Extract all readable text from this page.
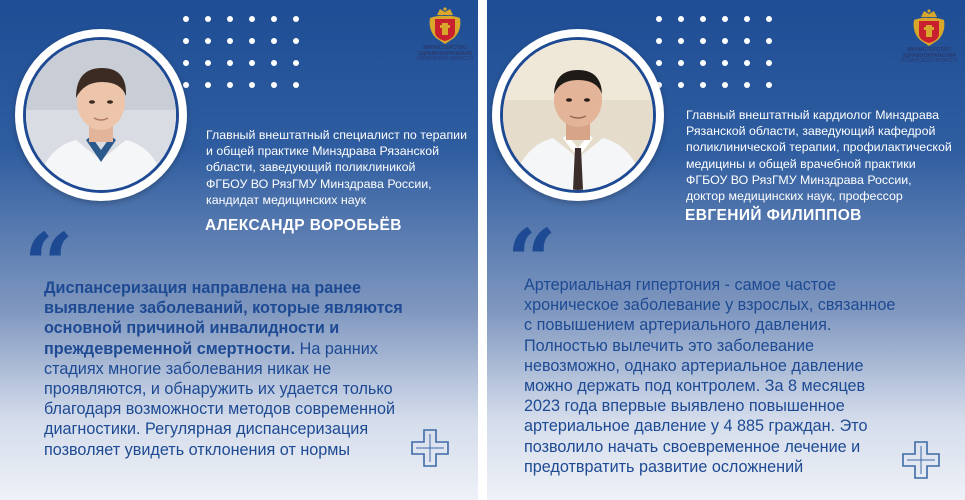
МИНИСТЕРСТВО
ЗДРАВООХРАНЕНИЯ
РЯЗАНСКОЙ ОБЛАСТИ
Главный внештатный специалист по терапии
и общей практике Минздрава Рязанской
области, заведующий поликлиникой
ФГБОУ ВО РязГМУ Минздрава России,
кандидат медицинских наук
АЛЕКСАНДР ВОРОБЬЁВ
“
Диспансеризация направлена на ранее
выявление заболеваний, которые являются
основной причиной инвалидности и
преждевременной смертности. На ранних
стадиях многие заболевания никак не
проявляются, и обнаружить их удается только
благодаря возможности методов современной
диагностики. Регулярная диспансеризация
позволяет увидеть отклонения от нормы
МИНИСТЕРСТВО
ЗДРАВООХРАНЕНИЯ
РЯЗАНСКОЙ ОБЛАСТИ
Главный внештатный кардиолог Минздрава
Рязанской области, заведующий кафедрой
поликлинической терапии, профилактической
медицины и общей врачебной практики
ФГБОУ ВО РязГМУ Минздрава России,
доктор медицинских наук, профессор
ЕВГЕНИЙ ФИЛИППОВ
“
Артериальная гипертония - самое частое
хроническое заболевание у взрослых, связанное
с повышением артериального давления.
Полностью вылечить это заболевание
невозможно, однако артериальное давление
можно держать под контролем. За 8 месяцев
2023 года впервые выявлено повышенное
артериальное давление у 4 885 граждан. Это
позволило начать своевременное лечение и
предотвратить развитие осложнений
